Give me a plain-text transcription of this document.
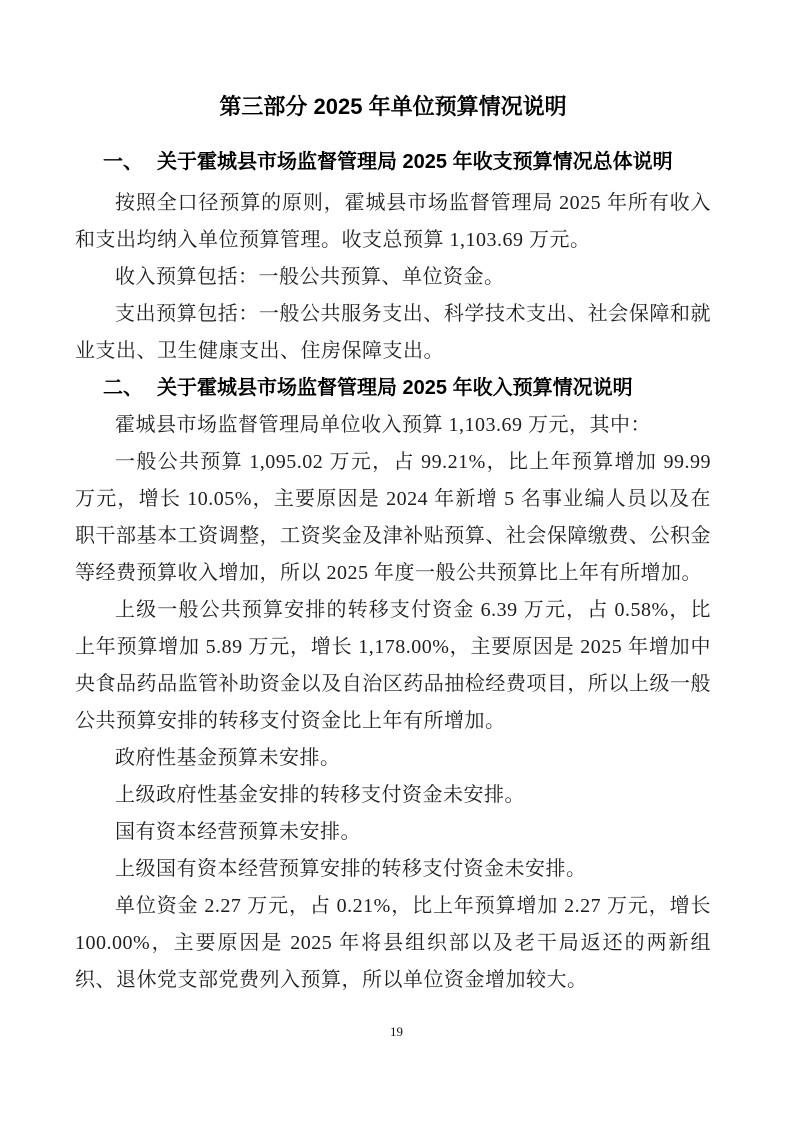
第三部分 2025 年单位预算情况说明
一、 关于霍城县市场监督管理局 2025 年收支预算情况总体说明

按照全口径预算的原则，霍城县市场监督管理局 2025 年所有收入和支出均纳入单位预算管理。收支总预算 1,103.69 万元。

收入预算包括：一般公共预算、单位资金。

支出预算包括：一般公共服务支出、科学技术支出、社会保障和就业支出、卫生健康支出、住房保障支出。

二、 关于霍城县市场监督管理局 2025 年收入预算情况说明

霍城县市场监督管理局单位收入预算 1,103.69 万元，其中：

一般公共预算 1,095.02 万元，占 99.21%，比上年预算增加 99.99 万元，增长 10.05%，主要原因是 2024 年新增 5 名事业编人员以及在职干部基本工资调整，工资奖金及津补贴预算、社会保障缴费、公积金等经费预算收入增加，所以 2025 年度一般公共预算比上年有所增加。

上级一般公共预算安排的转移支付资金 6.39 万元，占 0.58%，比上年预算增加 5.89 万元，增长 1,178.00%，主要原因是 2025 年增加中央食品药品监管补助资金以及自治区药品抽检经费项目，所以上级一般公共预算安排的转移支付资金比上年有所增加。

政府性基金预算未安排。

上级政府性基金安排的转移支付资金未安排。

国有资本经营预算未安排。

上级国有资本经营预算安排的转移支付资金未安排。

单位资金 2.27 万元，占 0.21%，比上年预算增加 2.27 万元，增长 100.00%，主要原因是 2025 年将县组织部以及老干局返还的两新组织、退休党支部党费列入预算，所以单位资金增加较大。

19
